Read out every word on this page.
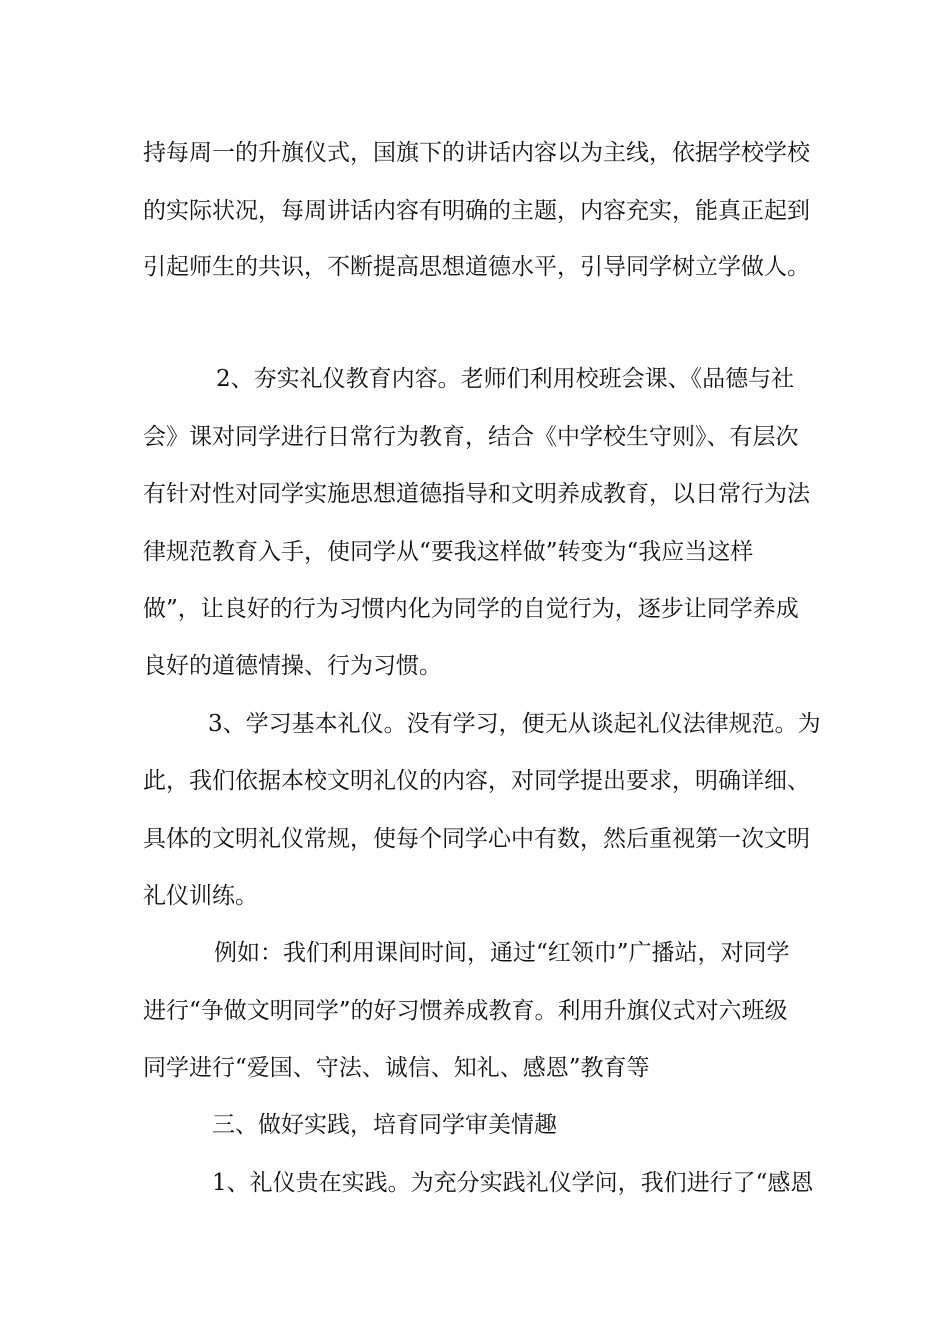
持每周一的升旗仪式，国旗下的讲话内容以为主线，依据学校学校
的实际状况，每周讲话内容有明确的主题，内容充实，能真正起到
引起师生的共识，不断提高思想道德水平，引导同学树立学做人。
2、夯实礼仪教育内容。老师们利用校班会课、《品德与社
会》课对同学进行日常行为教育，结合《中学校生守则》、有层次
有针对性对同学实施思想道德指导和文明养成教育，以日常行为法
律规范教育入手，使同学从“要我这样做”转变为“我应当这样
做”，让良好的行为习惯内化为同学的自觉行为，逐步让同学养成
良好的道德情操、行为习惯。
3、学习基本礼仪。没有学习，便无从谈起礼仪法律规范。为
此，我们依据本校文明礼仪的内容，对同学提出要求，明确详细、
具体的文明礼仪常规，使每个同学心中有数，然后重视第一次文明
礼仪训练。
例如：我们利用课间时间，通过“红领巾”广播站，对同学
进行“争做文明同学”的好习惯养成教育。利用升旗仪式对六班级
同学进行“爱国、守法、诚信、知礼、感恩”教育等
三、做好实践，培育同学审美情趣
1、礼仪贵在实践。为充分实践礼仪学问，我们进行了“感恩
